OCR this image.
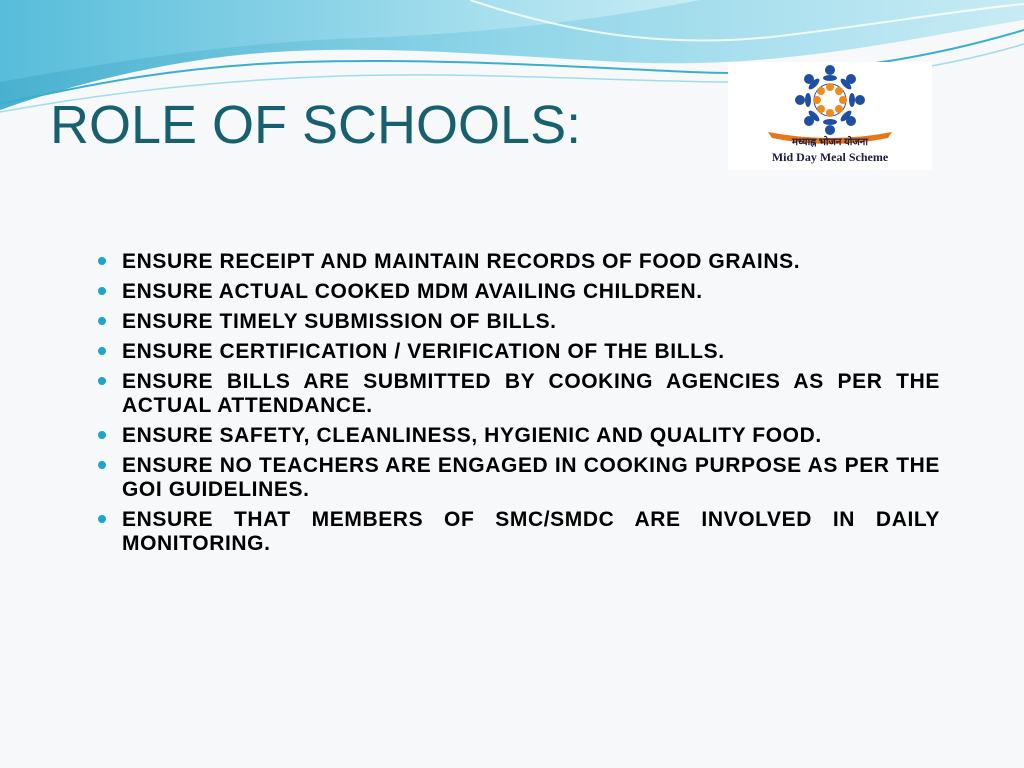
ROLE OF SCHOOLS:	मध्याह्न भोजन योजना
Mid Day Meal Scheme
ENSURE RECEIPT AND MAINTAIN RECORDS OF FOOD GRAINS.
ENSURE ACTUAL COOKED MDM AVAILING CHILDREN.
ENSURE TIMELY SUBMISSION OF BILLS.
ENSURE CERTIFICATION / VERIFICATION OF THE BILLS.
ENSURE BILLS ARE SUBMITTED BY COOKING AGENCIES AS PER THE ACTUAL ATTENDANCE.
ENSURE SAFETY, CLEANLINESS, HYGIENIC AND QUALITY FOOD.
ENSURE NO TEACHERS ARE ENGAGED IN COOKING PURPOSE AS PER THE GOI GUIDELINES.
ENSURE THAT MEMBERS OF SMC/SMDC ARE INVOLVED IN DAILY MONITORING.
